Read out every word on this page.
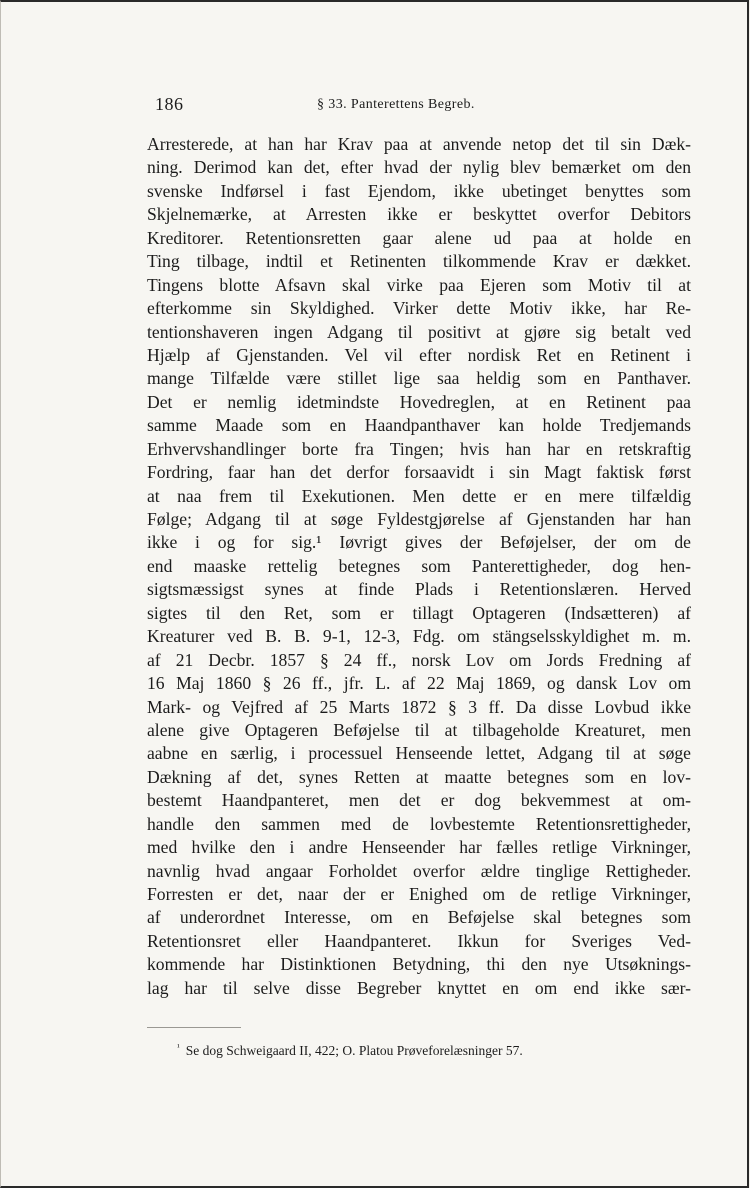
186	§ 33. Panterettens Begreb.
Arresterede, at han har Krav paa at anvende netop det til sin Dæk-
ning. Derimod kan det, efter hvad der nylig blev bemærket om den
svenske Indførsel i fast Ejendom, ikke ubetinget benyttes som
Skjelnemærke, at Arresten ikke er beskyttet overfor Debitors
Kreditorer. Retentionsretten gaar alene ud paa at holde en
Ting tilbage, indtil et Retinenten tilkommende Krav er dækket.
Tingens blotte Afsavn skal virke paa Ejeren som Motiv til at
efterkomme sin Skyldighed. Virker dette Motiv ikke, har Re-
tentionshaveren ingen Adgang til positivt at gjøre sig betalt ved
Hjælp af Gjenstanden. Vel vil efter nordisk Ret en Retinent i
mange Tilfælde være stillet lige saa heldig som en Panthaver.
Det er nemlig idetmindste Hovedreglen, at en Retinent paa
samme Maade som en Haandpanthaver kan holde Tredjemands
Erhvervshandlinger borte fra Tingen; hvis han har en retskraftig
Fordring, faar han det derfor forsaavidt i sin Magt faktisk først
at naa frem til Exekutionen. Men dette er en mere tilfældig
Følge; Adgang til at søge Fyldestgjørelse af Gjenstanden har han
ikke i og for sig.¹ Iøvrigt gives der Beføjelser, der om de
end maaske rettelig betegnes som Panterettigheder, dog hen-
sigtsmæssigst synes at finde Plads i Retentionslæren. Herved
sigtes til den Ret, som er tillagt Optageren (Indsætteren) af
Kreaturer ved B. B. 9-1, 12-3, Fdg. om stängselsskyldighet m. m.
af 21 Decbr. 1857 § 24 ff., norsk Lov om Jords Fredning af
16 Maj 1860 § 26 ff., jfr. L. af 22 Maj 1869, og dansk Lov om
Mark- og Vejfred af 25 Marts 1872 § 3 ff. Da disse Lovbud ikke
alene give Optageren Beføjelse til at tilbageholde Kreaturet, men
aabne en særlig, i processuel Henseende lettet, Adgang til at søge
Dækning af det, synes Retten at maatte betegnes som en lov-
bestemt Haandpanteret, men det er dog bekvemmest at om-
handle den sammen med de lovbestemte Retentionsrettigheder,
med hvilke den i andre Henseender har fælles retlige Virkninger,
navnlig hvad angaar Forholdet overfor ældre tinglige Rettigheder.
Forresten er det, naar der er Enighed om de retlige Virkninger,
af underordnet Interesse, om en Beføjelse skal betegnes som
Retentionsret eller Haandpanteret. Ikkun for Sveriges Ved-
kommende har Distinktionen Betydning, thi den nye Utsøknings-
lag har til selve disse Begreber knyttet en om end ikke sær-
$^{^1}$ Se dog Schweigaard II, 422; O. Platou Prøveforelæsninger 57.
